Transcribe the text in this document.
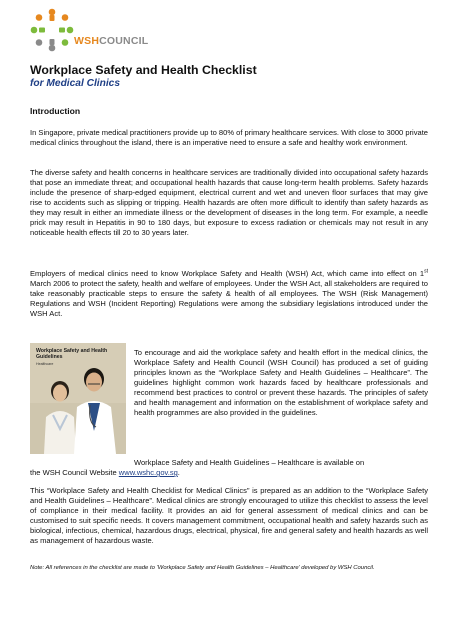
WSHCOUNCIL
Workplace Safety and Health Checklist
for Medical Clinics
Introduction

In Singapore, private medical practitioners provide up to 80% of primary healthcare services. With close to 3000 private medical clinics throughout the island, there is an imperative need to ensure a safe and healthy work environment.

The diverse safety and health concerns in healthcare services are traditionally divided into occupational safety hazards that pose an immediate threat; and occupational health hazards that cause long-term health problems. Safety hazards include the presence of sharp-edged equipment, electrical current and wet and uneven floor surfaces that may give rise to accidents such as slipping or tripping. Health hazards are often more difficult to identify than safety hazards as they may result in either an immediate illness or the development of diseases in the long term. For example, a needle prick may result in Hepatitis in 90 to 180 days, but exposure to excess radiation or chemicals may not result in any noticeable health effects till 20 to 30 years later.

Employers of medical clinics need to know Workplace Safety and Health (WSH) Act, which came into effect on 1st March 2006 to protect the safety, health and welfare of employees. Under the WSH Act, all stakeholders are required to take reasonably practicable steps to ensure the safety & health of all employees. The WSH (Risk Management) Regulations and WSH (Incident Reporting) Regulations were among the subsidiary legislations introduced under the WSH Act.

Workplace Safety and Health Guidelines
Healthcare

To encourage and aid the workplace safety and health effort in the medical clinics, the Workplace Safety and Health Council (WSH Council) has produced a set of guiding principles known as the “Workplace Safety and Health Guidelines – Healthcare”. The guidelines highlight common work hazards faced by healthcare professionals and recommend best practices to control or prevent these hazards. The principles of safety and health management and information on the establishment of workplace safety and health programmes are also provided in the guidelines.

Workplace Safety and Health Guidelines – Healthcare is available on
the WSH Council Website www.wshc.gov.sg.

This “Workplace Safety and Health Checklist for Medical Clinics” is prepared as an addition to the “Workplace Safety and Health Guidelines – Healthcare”. Medical clinics are strongly encouraged to utilize this checklist to assess the level of compliance in their medical facility. It provides an aid for general assessment of medical clinics and can be customised to suit specific needs. It covers management commitment, occupational health and safety hazards such as biological, infectious, chemical, hazardous drugs, electrical, physical, fire and general safety and health hazards as well as management of hazardous waste.

Note: All references in the checklist are made to ‘Workplace Safety and Health Guidelines – Healthcare’ developed by WSH Council.
